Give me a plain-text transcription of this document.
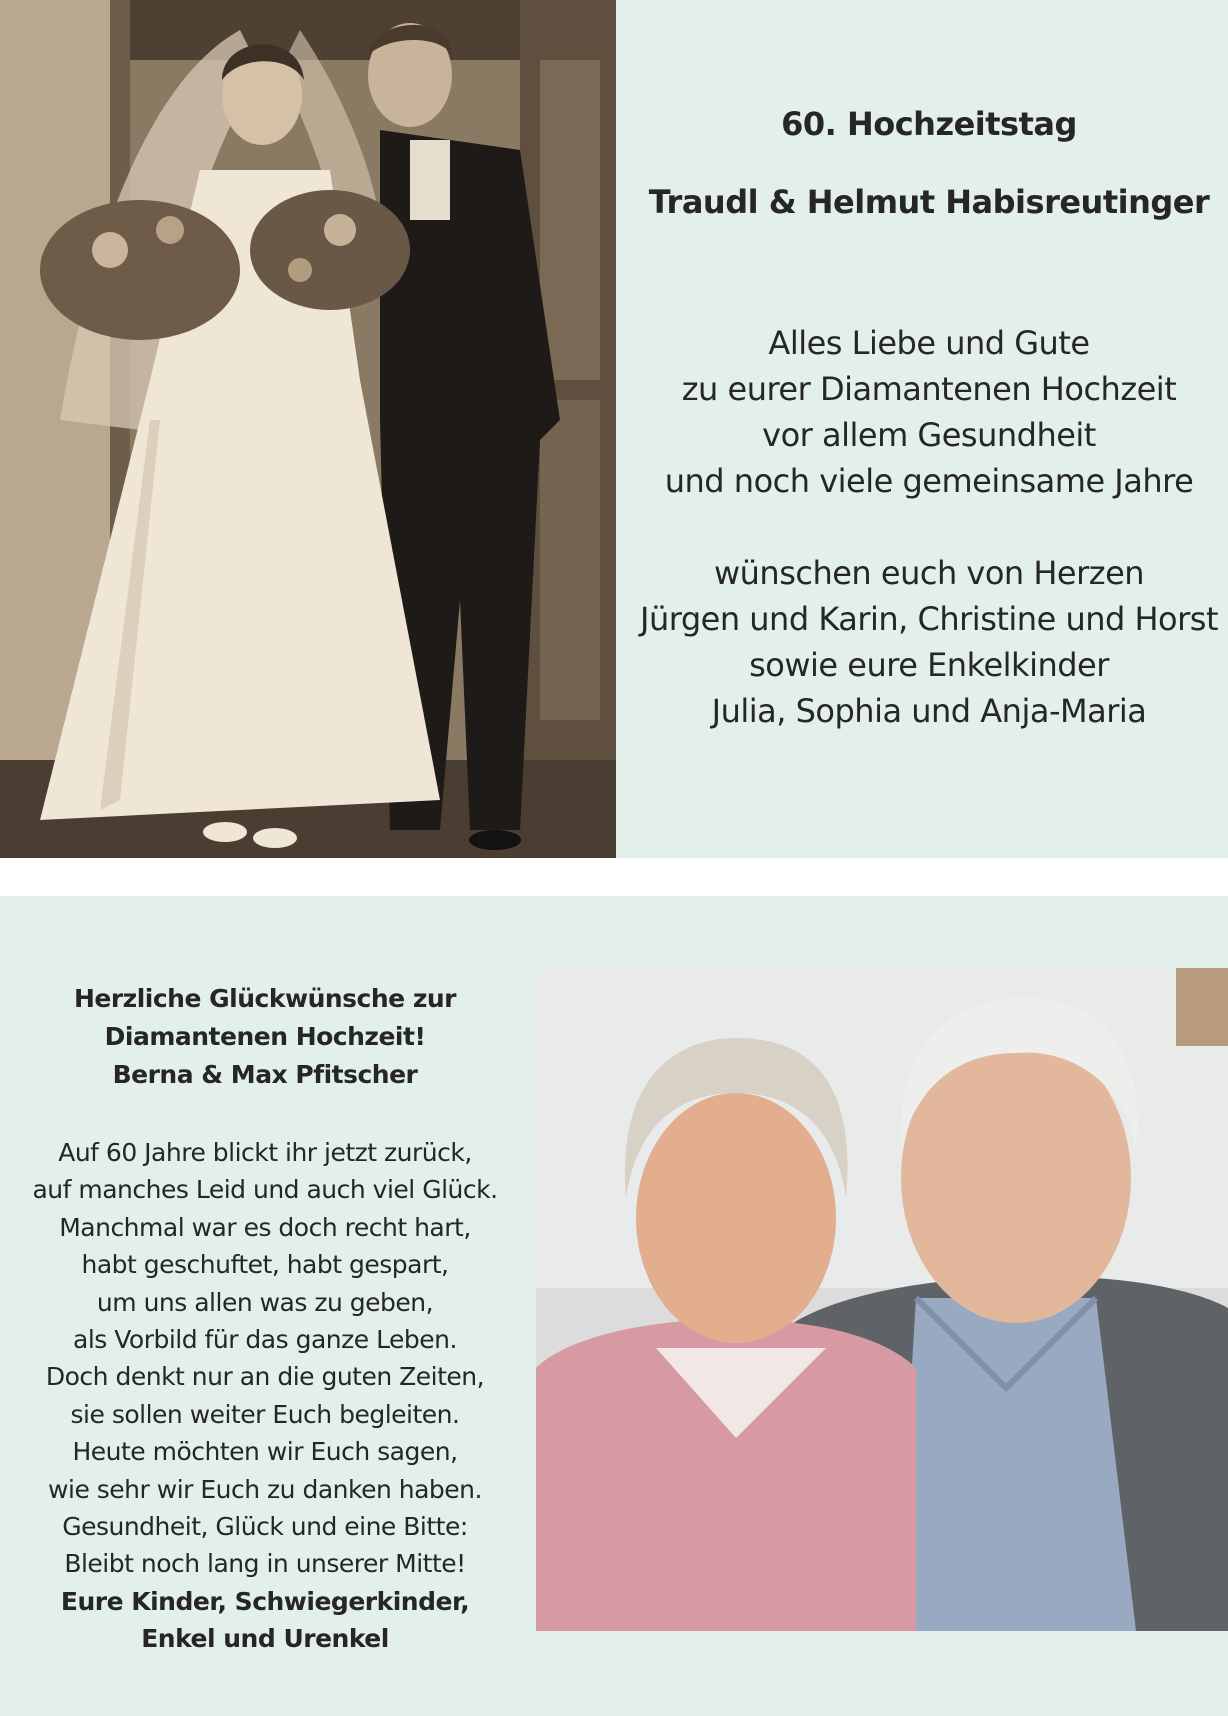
60. Hochzeitstag
Traudl & Helmut Habisreutinger
Alles Liebe und Gute
zu eurer Diamantenen Hochzeit
vor allem Gesundheit
und noch viele gemeinsame Jahre
wünschen euch von Herzen
Jürgen und Karin, Christine und Horst
sowie eure Enkelkinder
Julia, Sophia und Anja-Maria
Herzliche Glückwünsche zur
Diamantenen Hochzeit!
Berna & Max Pfitscher
Auf 60 Jahre blickt ihr jetzt zurück,
auf manches Leid und auch viel Glück.
Manchmal war es doch recht hart,
habt geschuftet, habt gespart,
um uns allen was zu geben,
als Vorbild für das ganze Leben.
Doch denkt nur an die guten Zeiten,
sie sollen weiter Euch begleiten.
Heute möchten wir Euch sagen,
wie sehr wir Euch zu danken haben.
Gesundheit, Glück und eine Bitte:
Bleibt noch lang in unserer Mitte!
Eure Kinder, Schwiegerkinder,
Enkel und Urenkel
